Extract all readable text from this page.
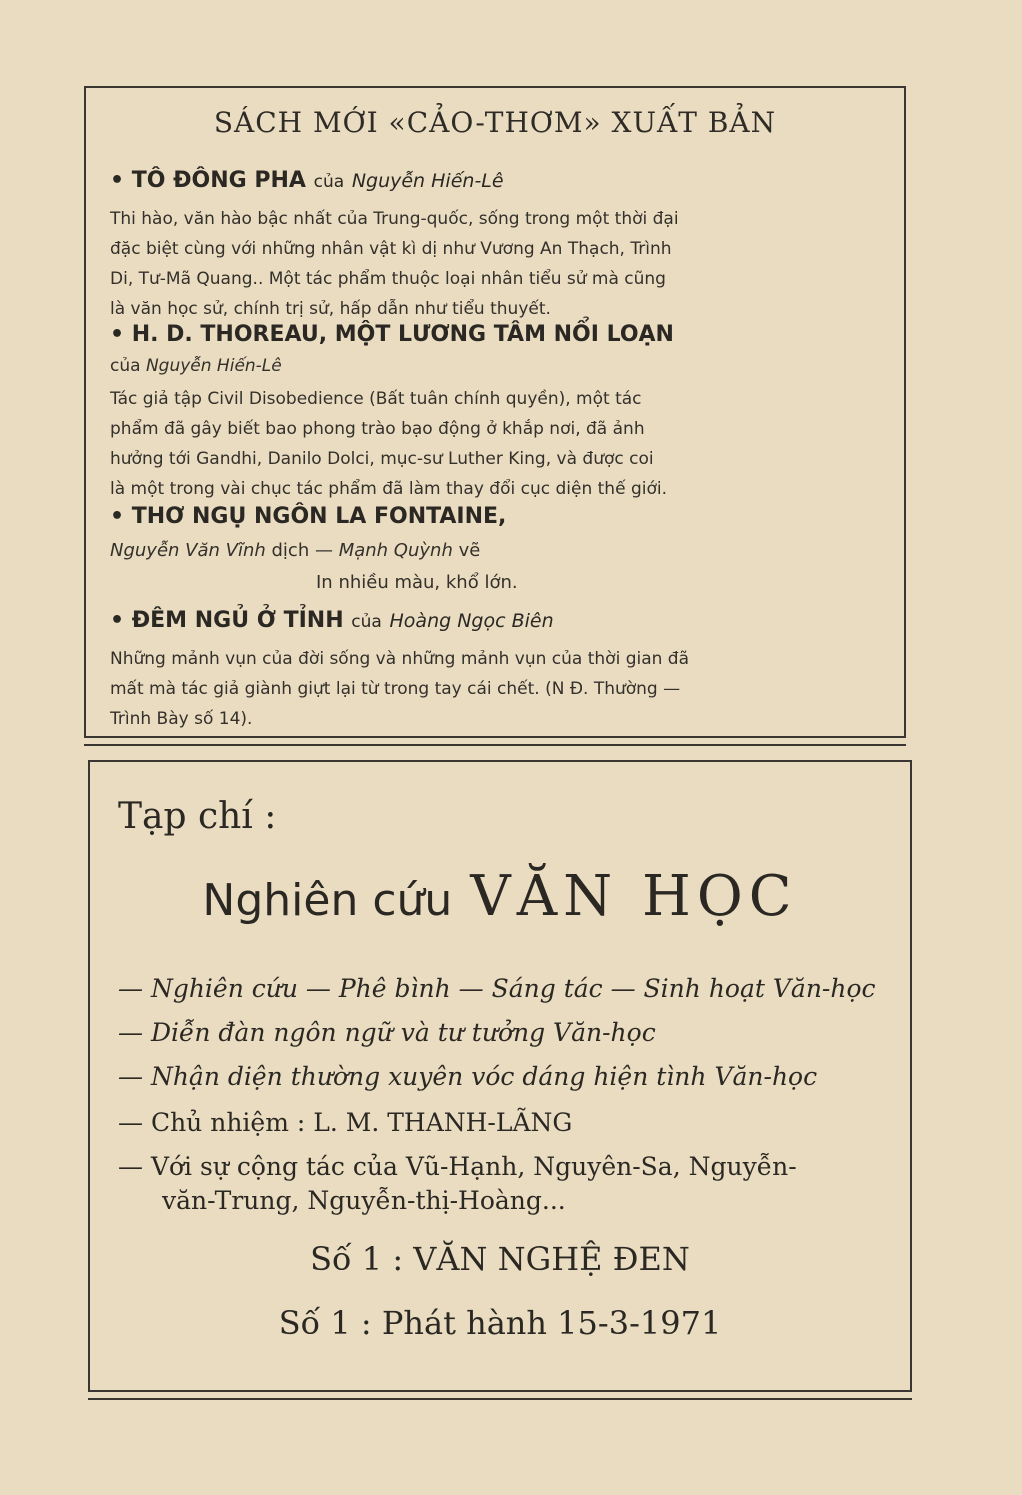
SÁCH MỚI «CẢO-THƠM» XUẤT BẢN
• TÔ ĐÔNG PHA của Nguyễn Hiến-Lê
Thi hào, văn hào bậc nhất của Trung-quốc, sống trong một thời đại
đặc biệt cùng với những nhân vật kì dị như Vương An Thạch, Trình
Di, Tư-Mã Quang.. Một tác phẩm thuộc loại nhân tiểu sử mà cũng
là văn học sử, chính trị sử, hấp dẫn như tiểu thuyết.
• H. D. THOREAU, MỘT LƯƠNG TÂM NỔI LOẠN
của Nguyễn Hiến-Lê
Tác giả tập Civil Disobedience (Bất tuân chính quyền), một tác
phẩm đã gây biết bao phong trào bạo động ở khắp nơi, đã ảnh
hưởng tới Gandhi, Danilo Dolci, mục-sư Luther King, và được coi
là một trong vài chục tác phẩm đã làm thay đổi cục diện thế giới.
• THƠ NGỤ NGÔN LA FONTAINE,
Nguyễn Văn Vĩnh dịch — Mạnh Quỳnh vẽ
In nhiều màu, khổ lớn.
• ĐÊM NGỦ Ở TỈNH của Hoàng Ngọc Biên
Những mảnh vụn của đời sống và những mảnh vụn của thời gian đã
mất mà tác giả giành giựt lại từ trong tay cái chết. (N Đ. Thường —
Trình Bày số 14).
Tạp chí :
Nghiên cứu VĂN HỌC
— Nghiên cứu — Phê bình — Sáng tác — Sinh hoạt Văn-học
— Diễn đàn ngôn ngữ và tư tưởng Văn-học
— Nhận diện thường xuyên vóc dáng hiện tình Văn-học
— Chủ nhiệm : L. M. THANH-LÃNG
— Với sự cộng tác của Vũ-Hạnh, Nguyên-Sa, Nguyễn-
văn-Trung, Nguyễn-thị-Hoàng...
Số 1 : VĂN NGHỆ ĐEN
Số 1 : Phát hành 15-3-1971
